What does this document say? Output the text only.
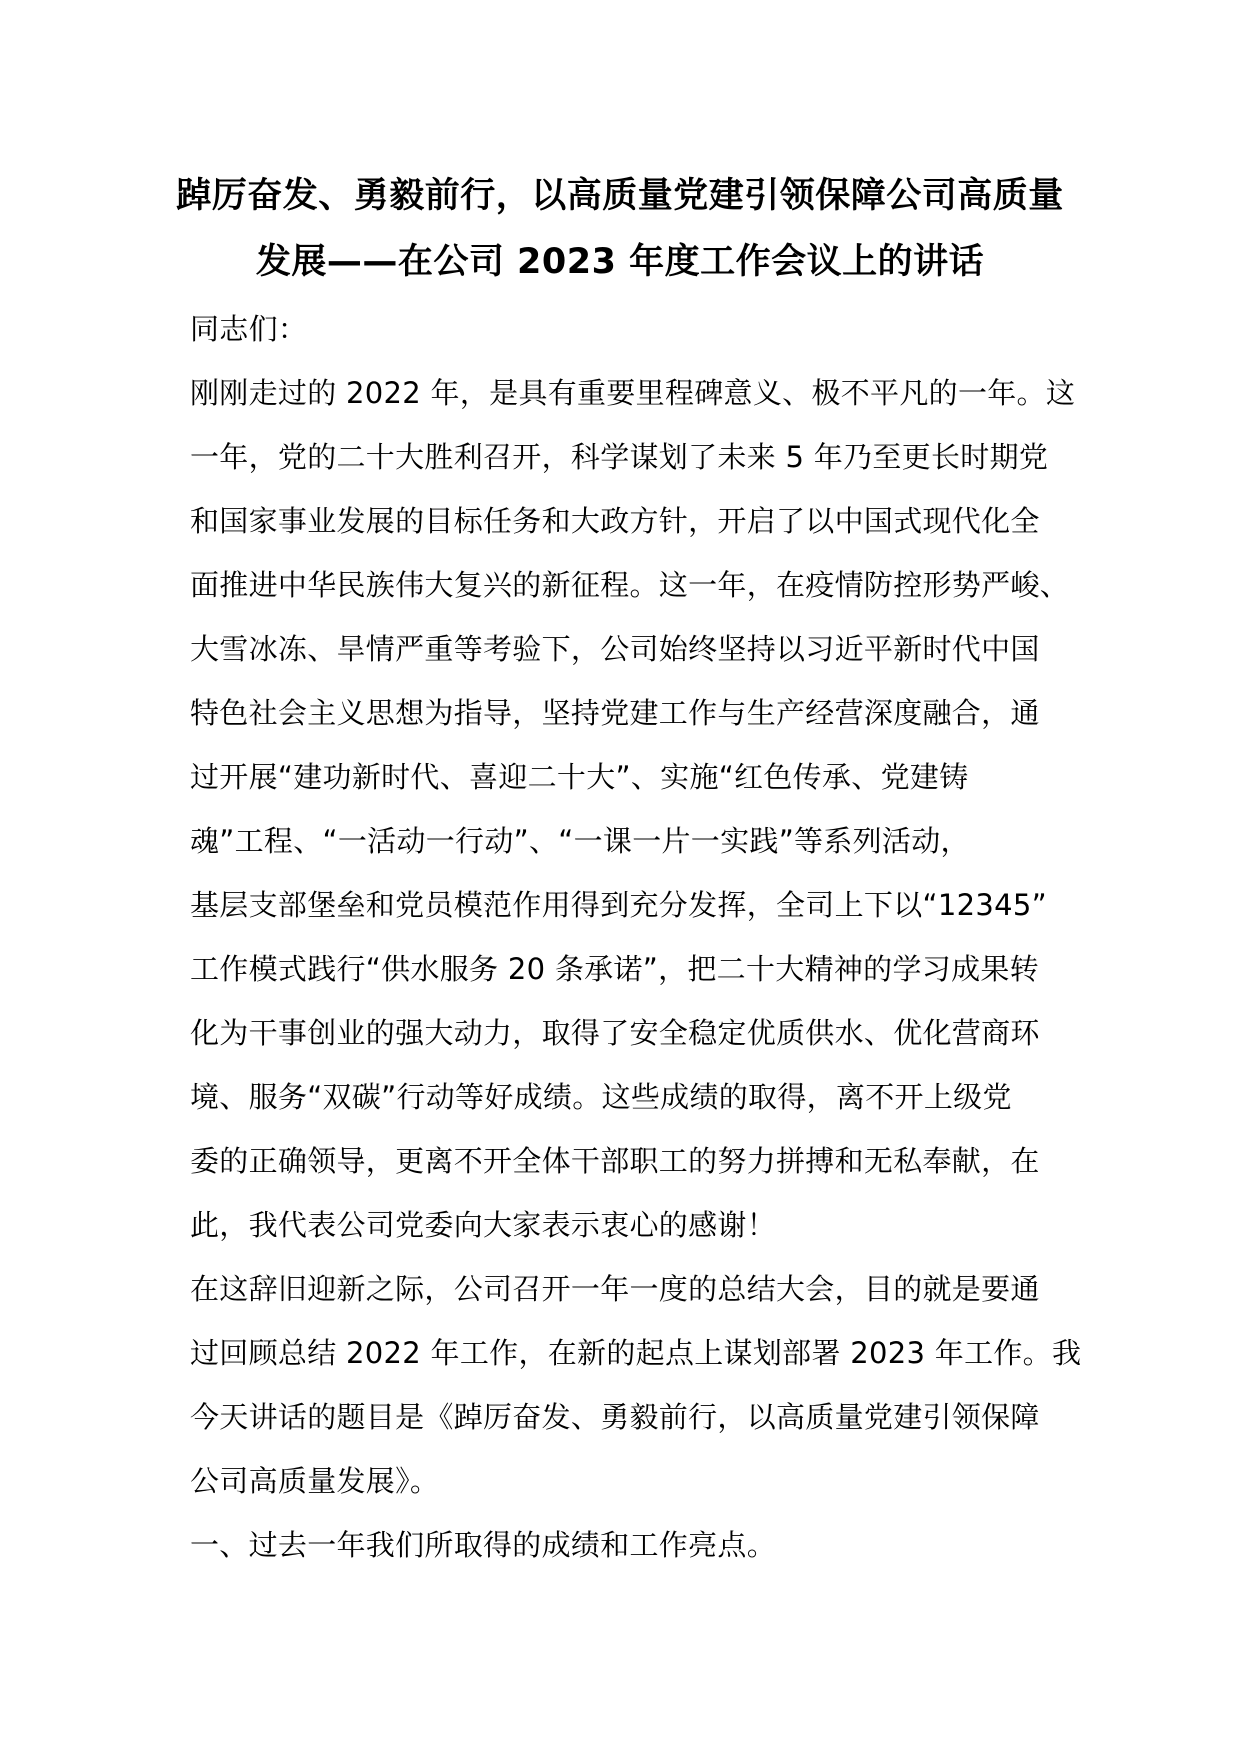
踔厉奋发、勇毅前行，以高质量党建引领保障公司高质量
发展——在公司 2023 年度工作会议上的讲话
同志们：
刚刚走过的 2022 年，是具有重要里程碑意义、极不平凡的一年。这
一年，党的二十大胜利召开，科学谋划了未来 5 年乃至更长时期党
和国家事业发展的目标任务和大政方针，开启了以中国式现代化全
面推进中华民族伟大复兴的新征程。这一年，在疫情防控形势严峻、
大雪冰冻、旱情严重等考验下，公司始终坚持以习近平新时代中国
特色社会主义思想为指导，坚持党建工作与生产经营深度融合，通
过开展“建功新时代、喜迎二十大”、实施“红色传承、党建铸
魂”工程、“一活动一行动”、“一课一片一实践”等系列活动，
基层支部堡垒和党员模范作用得到充分发挥，全司上下以“12345”
工作模式践行“供水服务 20 条承诺”，把二十大精神的学习成果转
化为干事创业的强大动力，取得了安全稳定优质供水、优化营商环
境、服务“双碳”行动等好成绩。这些成绩的取得，离不开上级党
委的正确领导，更离不开全体干部职工的努力拼搏和无私奉献，在
此，我代表公司党委向大家表示衷心的感谢！
在这辞旧迎新之际，公司召开一年一度的总结大会，目的就是要通
过回顾总结 2022 年工作，在新的起点上谋划部署 2023 年工作。我
今天讲话的题目是《踔厉奋发、勇毅前行，以高质量党建引领保障
公司高质量发展》。
一、过去一年我们所取得的成绩和工作亮点。
